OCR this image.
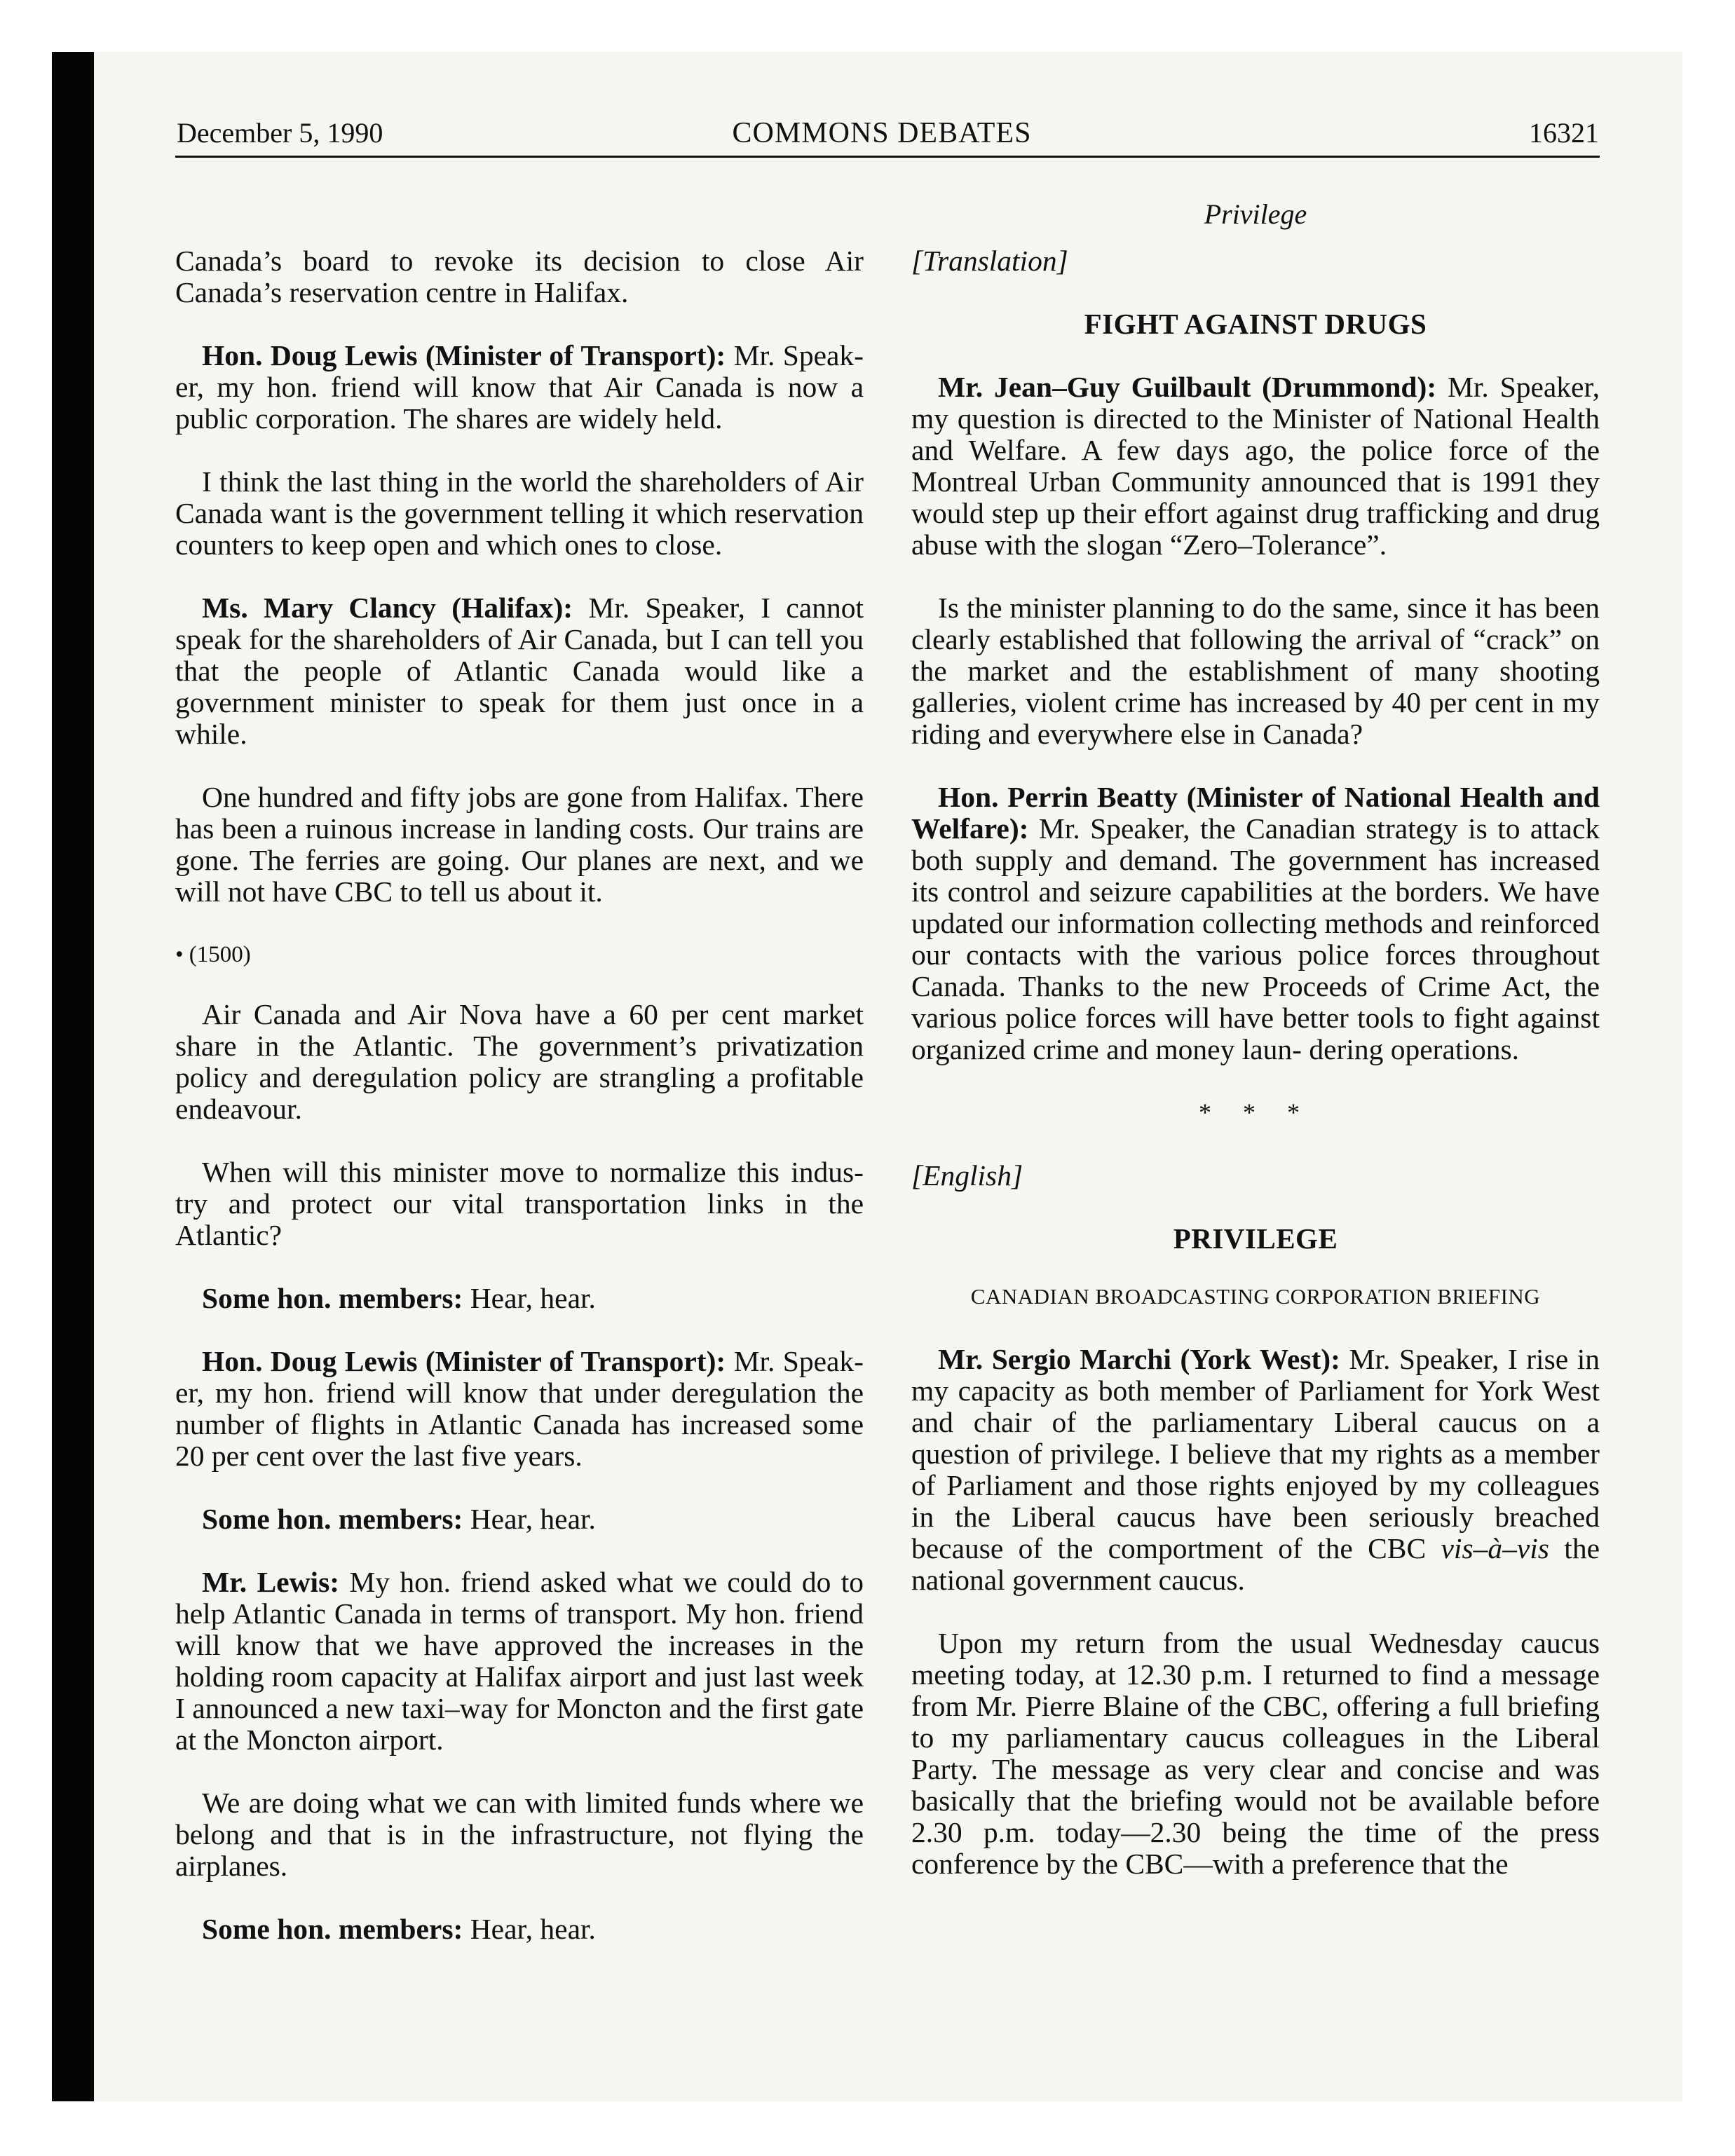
December 5, 1990	COMMONS DEBATES	16321
Privilege

Canada’s board to revoke its decision to close Air Canada’s reservation centre in Halifax.

Hon. Doug Lewis (Minister of Transport): Mr. Speak- er, my hon. friend will know that Air Canada is now a public corporation. The shares are widely held.

I think the last thing in the world the shareholders of Air Canada want is the government telling it which reservation counters to keep open and which ones to close.

Ms. Mary Clancy (Halifax): Mr. Speaker, I cannot speak for the shareholders of Air Canada, but I can tell you that the people of Atlantic Canada would like a government minister to speak for them just once in a while.

One hundred and fifty jobs are gone from Halifax. There has been a ruinous increase in landing costs. Our trains are gone. The ferries are going. Our planes are next, and we will not have CBC to tell us about it.

• (1500)

Air Canada and Air Nova have a 60 per cent market share in the Atlantic. The government’s privatization policy and deregulation policy are strangling a profitable endeavour.

When will this minister move to normalize this indus- try and protect our vital transportation links in the Atlantic?

Some hon. members: Hear, hear.

Hon. Doug Lewis (Minister of Transport): Mr. Speak- er, my hon. friend will know that under deregulation the number of flights in Atlantic Canada has increased some 20 per cent over the last five years.

Some hon. members: Hear, hear.

Mr. Lewis: My hon. friend asked what we could do to help Atlantic Canada in terms of transport. My hon. friend will know that we have approved the increases in the holding room capacity at Halifax airport and just last week I announced a new taxi–way for Moncton and the first gate at the Moncton airport.

We are doing what we can with limited funds where we belong and that is in the infrastructure, not flying the airplanes.

Some hon. members: Hear, hear.

[Translation]
FIGHT AGAINST DRUGS

Mr. Jean–Guy Guilbault (Drummond): Mr. Speaker, my question is directed to the Minister of National Health and Welfare. A few days ago, the police force of the Montreal Urban Community announced that is 1991 they would step up their effort against drug trafficking and drug abuse with the slogan “Zero–Tolerance”.

Is the minister planning to do the same, since it has been clearly established that following the arrival of “crack” on the market and the establishment of many shooting galleries, violent crime has increased by 40 per cent in my riding and everywhere else in Canada?

Hon. Perrin Beatty (Minister of National Health and Welfare): Mr. Speaker, the Canadian strategy is to attack both supply and demand. The government has increased its control and seizure capabilities at the borders. We have updated our information collecting methods and reinforced our contacts with the various police forces throughout Canada. Thanks to the new Proceeds of Crime Act, the various police forces will have better tools to fight against organized crime and money laun- dering operations.

* * *
[English]
PRIVILEGE
CANADIAN BROADCASTING CORPORATION BRIEFING

Mr. Sergio Marchi (York West): Mr. Speaker, I rise in my capacity as both member of Parliament for York West and chair of the parliamentary Liberal caucus on a question of privilege. I believe that my rights as a member of Parliament and those rights enjoyed by my colleagues in the Liberal caucus have been seriously breached because of the comportment of the CBC vis–à–vis the national government caucus.

Upon my return from the usual Wednesday caucus meeting today, at 12.30 p.m. I returned to find a message from Mr. Pierre Blaine of the CBC, offering a full briefing to my parliamentary caucus colleagues in the Liberal Party. The message as very clear and concise and was basically that the briefing would not be available before 2.30 p.m. today—2.30 being the time of the press conference by the CBC—with a preference that the
